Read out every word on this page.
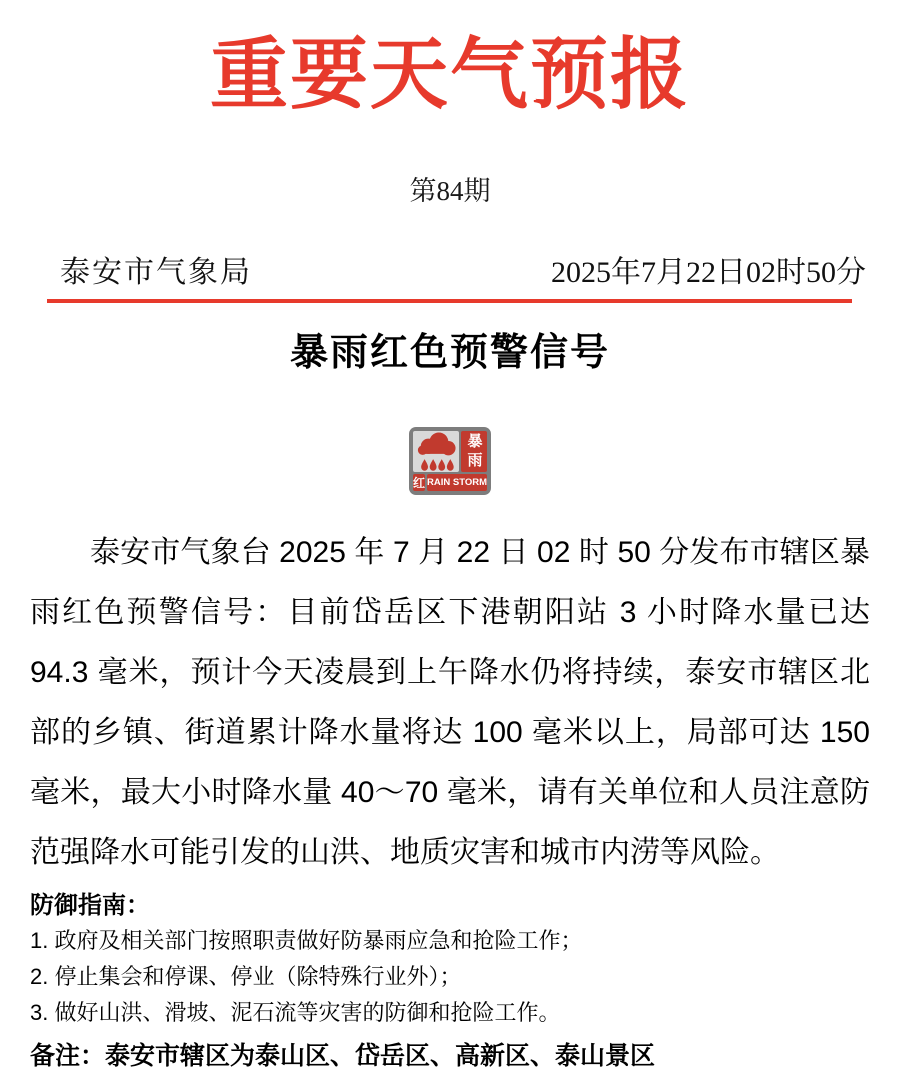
重要天气预报
第84期
泰安市气象局	2025年7月22日02时50分
暴雨红色预警信号
暴雨
红 RAIN STORM

泰安市气象台 2025 年 7 月 22 日 02 时 50 分发布市辖区暴雨红色预警信号：目前岱岳区下港朝阳站 3 小时降水量已达 94.3 毫米，预计今天凌晨到上午降水仍将持续，泰安市辖区北部的乡镇、街道累计降水量将达 100 毫米以上，局部可达 150 毫米，最大小时降水量 40～70 毫米，请有关单位和人员注意防范强降水可能引发的山洪、地质灾害和城市内涝等风险。

防御指南：
1. 政府及相关部门按照职责做好防暴雨应急和抢险工作；
2. 停止集会和停课、停业（除特殊行业外）；
3. 做好山洪、滑坡、泥石流等灾害的防御和抢险工作。
备注：泰安市辖区为泰山区、岱岳区、高新区、泰山景区
